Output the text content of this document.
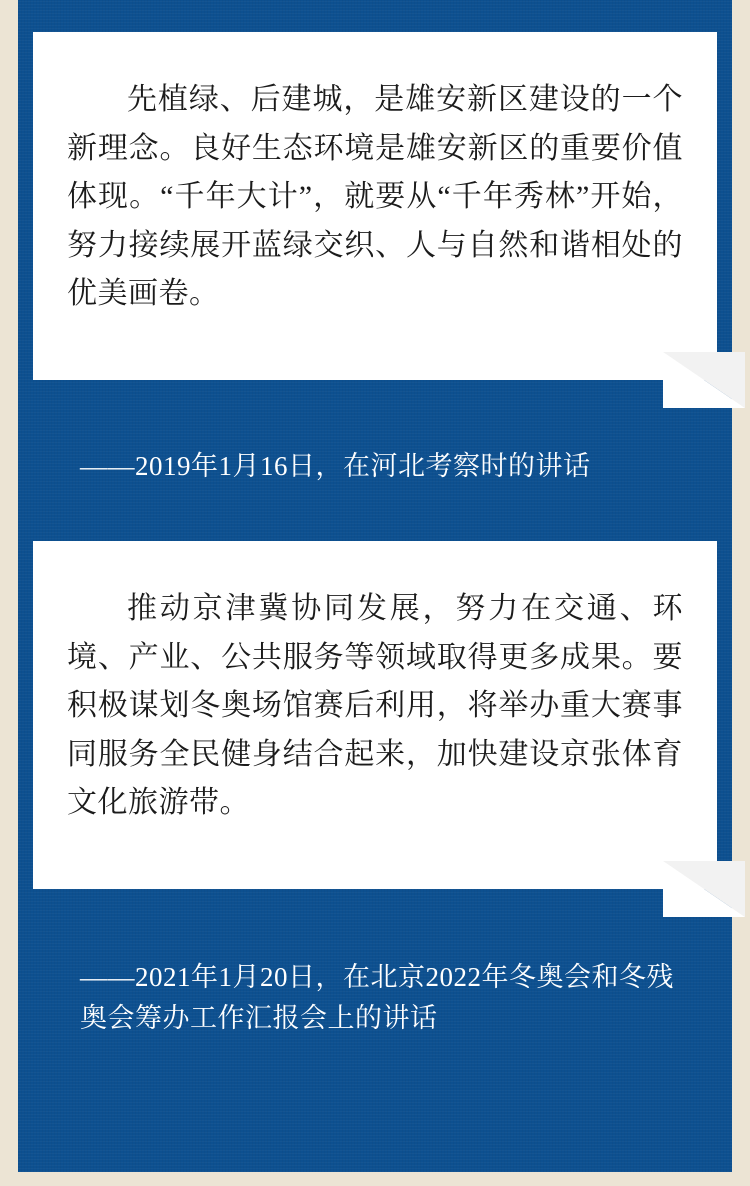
先植绿、后建城，是雄安新区建设的一个新理念。良好生态环境是雄安新区的重要价值体现。“千年大计”，就要从“千年秀林”开始，努力接续展开蓝绿交织、人与自然和谐相处的优美画卷。

——2019年1月16日，在河北考察时的讲话

推动京津冀协同发展，努力在交通、环境、产业、公共服务等领域取得更多成果。要积极谋划冬奥场馆赛后利用，将举办重大赛事同服务全民健身结合起来，加快建设京张体育文化旅游带。

——2021年1月20日，在北京2022年冬奥会和冬残奥会筹办工作汇报会上的讲话
